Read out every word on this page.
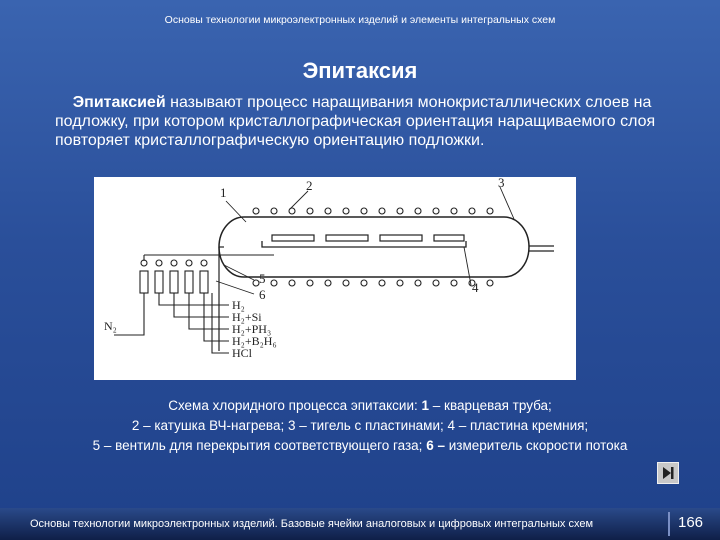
Основы технологии микроэлектронных изделий и элементы интегральных схем
Эпитаксия
Эпитаксией называют процесс наращивания монокристаллических слоев на подложку, при котором кристаллографическая ориентация наращиваемого слоя повторяет кристаллографическую ориентацию подложки.
1	2	3
4
5
6
N₂
H₂
H₂+Si
H₂+PH₃
H₂+B₂H₆
HCl
Схема хлоридного процесса эпитаксии: 1 – кварцевая труба;
2 – катушка ВЧ-нагрева; 3 – тигель с пластинами; 4 – пластина кремния;
5 – вентиль для перекрытия соответствующего газа; 6 – измеритель скорости потока
Основы технологии микроэлектронных изделий. Базовые ячейки аналоговых и цифровых интегральных схем	166
